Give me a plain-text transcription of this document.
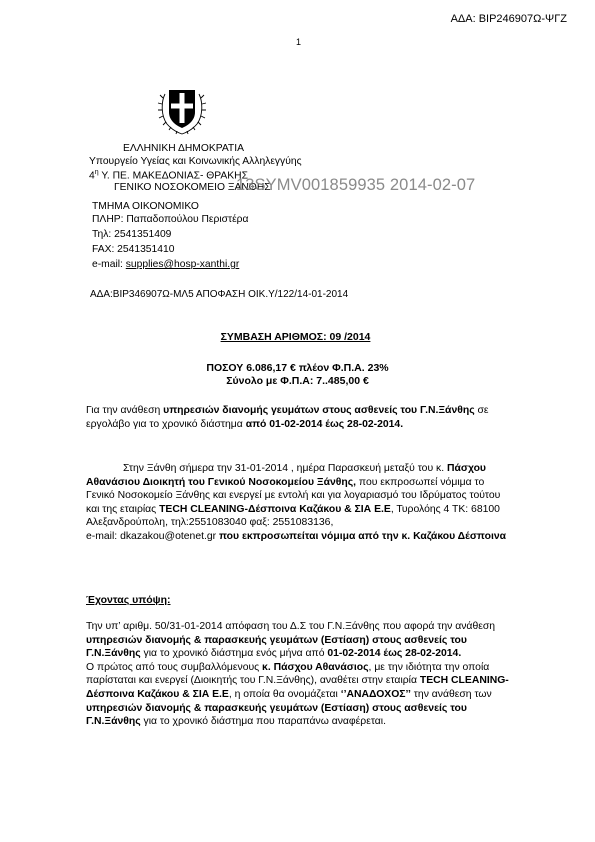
ΑΔΑ: ΒΙΡ246907Ω-ΨΓΖ
1
ΕΛΛΗΝΙΚΗ ΔΗΜΟΚΡΑΤΙΑ
Υπουργείο Υγείας και Κοινωνικής Αλληλεγγύης
$4^\eta$ Υ. ΠΕ. ΜΑΚΕΔΟΝΙΑΣ- ΘΡΑΚΗΣ
ΓΕΝΙΚΟ ΝΟΣΟΚΟΜΕΙΟ ΞΑΝΘΗΣ
13SYMV001859935 2014-02-07
ΤΜΗΜΑ ΟΙΚΟΝΟΜΙΚΟ
ΠΛΗΡ: Παπαδοπούλου Περιστέρα
Τηλ: 2541351409
FAX: 2541351410
e-mail: supplies@hosp-xanthi.gr
ΑΔΑ:ΒΙΡ346907Ω-ΜΛ5 ΑΠΟΦΑΣΗ ΟΙΚ.Υ/122/14-01-2014
ΣΥΜΒΑΣΗ ΑΡΙΘΜΟΣ: 09 /2014
ΠΟΣΟΥ 6.086,17 € πλέον Φ.Π.Α. 23%
Σύνολο με Φ.Π.Α: 7..485,00 €
Για την ανάθεση υπηρεσιών διανομής γευμάτων στους ασθενείς του Γ.Ν.Ξάνθης σε εργολάβο για το χρονικό διάστημα από 01-02-2014 έως 28-02-2014.
Στην Ξάνθη σήμερα την 31-01-2014 , ημέρα Παρασκευή μεταξύ του κ. Πάσχου Αθανάσιου Διοικητή του Γενικού Νοσοκομείου Ξάνθης, που εκπροσωπεί νόμιμα το Γενικό Νοσοκομείο Ξάνθης και ενεργεί με εντολή και για λογαριασμό του Ιδρύματος τούτου και της εταιρίας TECH CLEANING-Δέσποινα Καζάκου & ΣΙΑ Ε.Ε, Τυρολόης 4 ΤΚ: 68100 Αλεξανδρούπολη, τηλ:2551083040 φαξ: 2551083136,
e-mail: dkazakou@otenet.gr που εκπροσωπείται νόμιμα από την κ. Καζάκου Δέσποινα
Έχοντας υπόψη:
Την υπ’ αριθμ. 50/31-01-2014 απόφαση του Δ.Σ του Γ.Ν.Ξάνθης που αφορά την ανάθεση υπηρεσιών διανομής & παρασκευής γευμάτων (Εστίαση) στους ασθενείς του Γ.Ν.Ξάνθης για το χρονικό διάστημα ενός μήνα από 01-02-2014 έως 28-02-2014.
Ο πρώτος από τους συμβαλλόμενους κ. Πάσχου Αθανάσιος, με την ιδιότητα την οποία παρίσταται και ενεργεί (Διοικητής του Γ.Ν.Ξάνθης), αναθέτει στην εταιρία TECH CLEANING-Δέσποινα Καζάκου & ΣΙΑ Ε.Ε, η οποία θα ονομάζεται ‘’ΑΝΑΔΟΧΟΣ’’ την ανάθεση των υπηρεσιών διανομής & παρασκευής γευμάτων (Εστίαση) στους ασθενείς του Γ.Ν.Ξάνθης για το χρονικό διάστημα που παραπάνω αναφέρεται.
